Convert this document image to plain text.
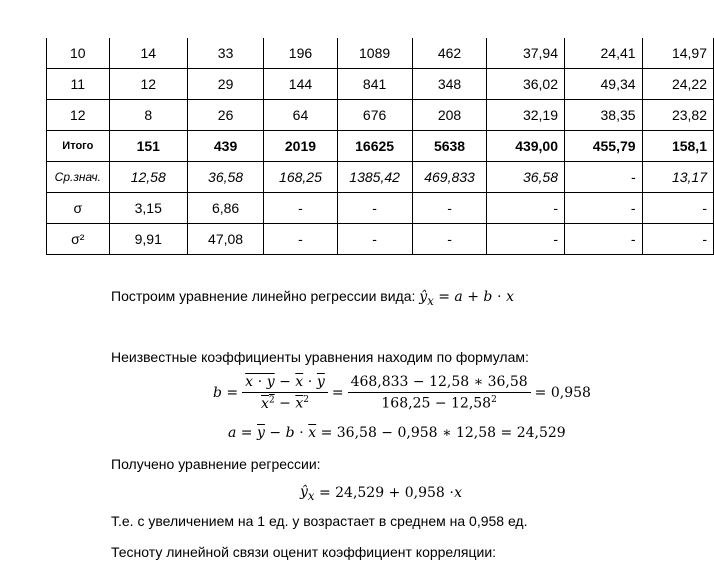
10	14	33	196	1089	462	37,94	24,41	14,97
11	12	29	144	841	348	36,02	49,34	24,22
12	8	26	64	676	208	32,19	38,35	23,82
Итого	151	439	2019	16625	5638	439,00	455,79	158,1
Ср.знач.	12,58	36,58	168,25	1385,42	469,833	36,58	-	13,17
σ	3,15	6,86	-	-	-	-	-	-
σ²	9,91	47,08	-	-	-	-	-	-
Построим уравнение линейно регрессии вида: $ŷ_x = a + b \cdot x$
Неизвестные коэффициенты уравнения находим по формулам:
$b = \frac{x \cdot y - \overline{x} \cdot \overline{y}}{x^2 - \overline{x}^2} = \frac{468,833 - 12,58 ∗ 36,58}{168,25 - 12,58^2} = 0,958$
$a = \overline{y} - b \cdot \overline{x}$
= 36,58 − 0,958 ∗ 12,58 = 24,529
Получено уравнение регрессии:
$ŷ_x$
= 24,529 + 0,958 ⋅ x
Т.е. с увеличением на 1 ед. y возрастает в среднем на 0,958 ед.
Тесноту линейной связи оценит коэффициент корреляции:
